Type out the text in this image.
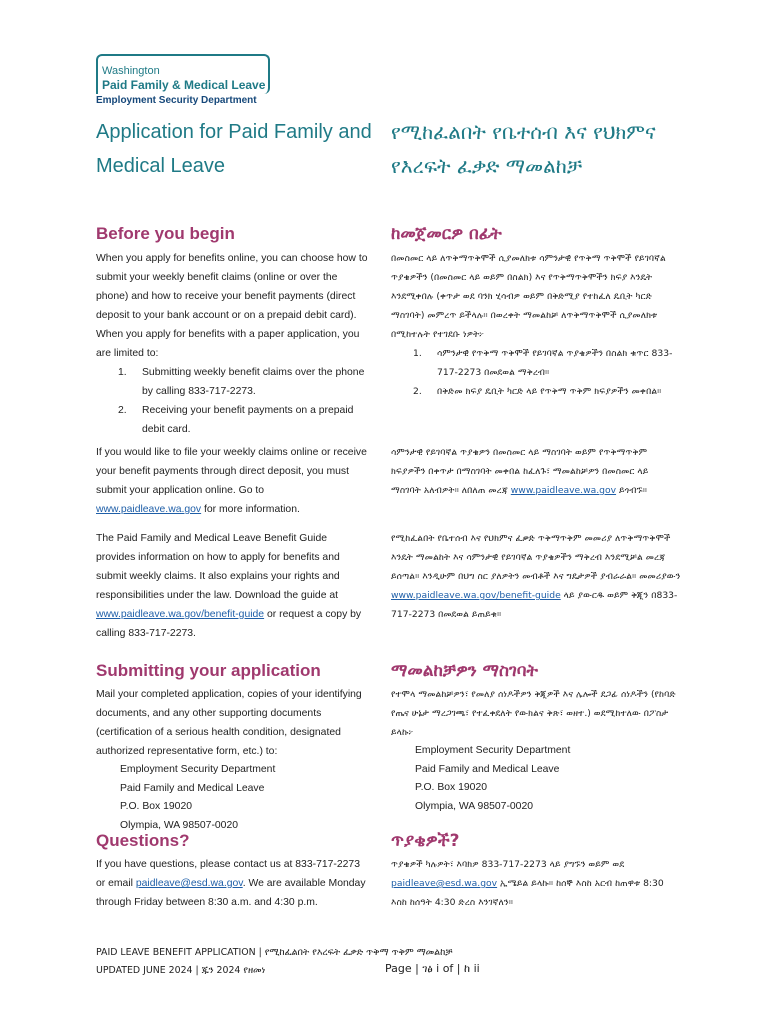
Washington
Paid Family & Medical Leave
Employment Security Department
Application for Paid Family and Medical Leave
የሚከፈልበት የቤተሰብ እና የህክምና የእረፍት ፈቃድ ማመልከቻ
Before you begin

When you apply for benefits online, you can choose how to submit your weekly benefit claims (online or over the phone) and how to receive your benefit payments (direct deposit to your bank account or on a prepaid debit card). When you apply for benefits with a paper application, you are limited to:

1. Submitting weekly benefit claims over the phone by calling 833-717-2273.
2. Receiving your benefit payments on a prepaid debit card.

If you would like to file your weekly claims online or receive your benefit payments through direct deposit, you must submit your application online. Go to www.paidleave.wa.gov for more information.

The Paid Family and Medical Leave Benefit Guide provides information on how to apply for benefits and submit weekly claims. It also explains your rights and responsibilities under the law. Download the guide at www.paidleave.wa.gov/benefit-guide or request a copy by calling 833-717-2273.

Submitting your application

Mail your completed application, copies of your identifying documents, and any other supporting documents (certification of a serious health condition, designated authorized representative form, etc.) to:

Employment Security Department
Paid Family and Medical Leave
P.O. Box 19020
Olympia, WA 98507-0020
Questions?

If you have questions, please contact us at 833-717-2273 or email paidleave@esd.wa.gov. We are available Monday through Friday between 8:30 a.m. and 4:30 p.m.

ከመጀመርዎ በፊት

በመስመር ላይ ለጥቅማጥቅሞች ሲያመለክቱ ሳምንታዊ የጥቅማ ጥቅሞች የይገባኛል ጥያቄዎችን (በመስመር ላይ ወይም በስልክ) እና የጥቅማጥቅሞችን ክፍያ እንዴት እንደሚቀበሉ (ቀጥታ ወደ ባንክ ሂሳብዎ ወይም በቅድሚያ የተከፈለ ዴቢት ካርድ ማስገባት) መምረጥ ይችላሉ። በወረቀት ማመልከቻ ለጥቅማጥቅሞች ሲያመለክቱ በሚከተሉት የተገደቡ ነዎት፦

1. ሳምንታዊ የጥቅማ ጥቅሞች የይገባኛል ጥያቄዎችን በስልክ ቁጥር 833-717-2273 በመደወል ማቅረብ።
2. በቅድመ ክፍያ ዴቢት ካርድ ላይ የጥቅማ ጥቅም ክፍያዎችን መቀበል።

ሳምንታዊ የይገባኛል ጥያቄዎን በመስመር ላይ ማስገባት ወይም የጥቅማጥቅም ክፍያዎችን በቀጥታ በማስገባት መቀበል ከፈለጉ፣ ማመልከቻዎን በመስመር ላይ ማስገባት አለብዎት። ለበለጠ መረጃ www.paidleave.wa.gov ይጎብኙ።

የሚከፈልበት የቤተሰብ እና የህክምና ፈቃድ ጥቅማጥቅም መመሪያ ለጥቅማጥቅሞች እንዴት ማመልከት እና ሳምንታዊ የይገባኛል ጥያቄዎችን ማቅረብ እንደሚቻል መረጃ ይሰጣል። እንዲሁም በህግ ስር ያለዎትን መብቶች እና ግዴታዎች ያብራራል። መመሪያውን www.paidleave.wa.gov/benefit-guide ላይ ያውርዱ ወይም ቅጂን በ833-717-2273 በመደወል ይጠይቁ።

ማመልከቻዎን ማስገባት

የተሞላ ማመልከቻዎን፣ የመለያ ሰነዶችዎን ቅጂዎች እና ሌሎች ደጋፊ ሰነዶችን (የከባድ የጤና ሁኔታ ማረጋገጫ፣ የተፈቀደለት የውክልና ቅጽ፣ ወዘተ.) ወደሚከተለው በፖስታ ይላኩ፦

Employment Security Department
Paid Family and Medical Leave
P.O. Box 19020
Olympia, WA 98507-0020
ጥያቄዎች?

ጥያቄዎች ካሉዎት፣ እባክዎ 833-717-2273 ላይ ያግኙን ወይም ወደ paidleave@esd.wa.gov ኢሜይል ይላኩ። ከሰኞ እስከ አርብ ከጠዋቱ 8:30 እስከ ከሰዓት 4:30 ድረስ እንገኛለን።

PAID LEAVE BENEFIT APPLICATION | የሚከፈልበት የእረፍት ፈቃድ ጥቅማ ጥቅም ማመልከቻ
UPDATED JUNE 2024 | ጁን 2024 የዘመነ	Page | ገፅ i of | ከ ii
